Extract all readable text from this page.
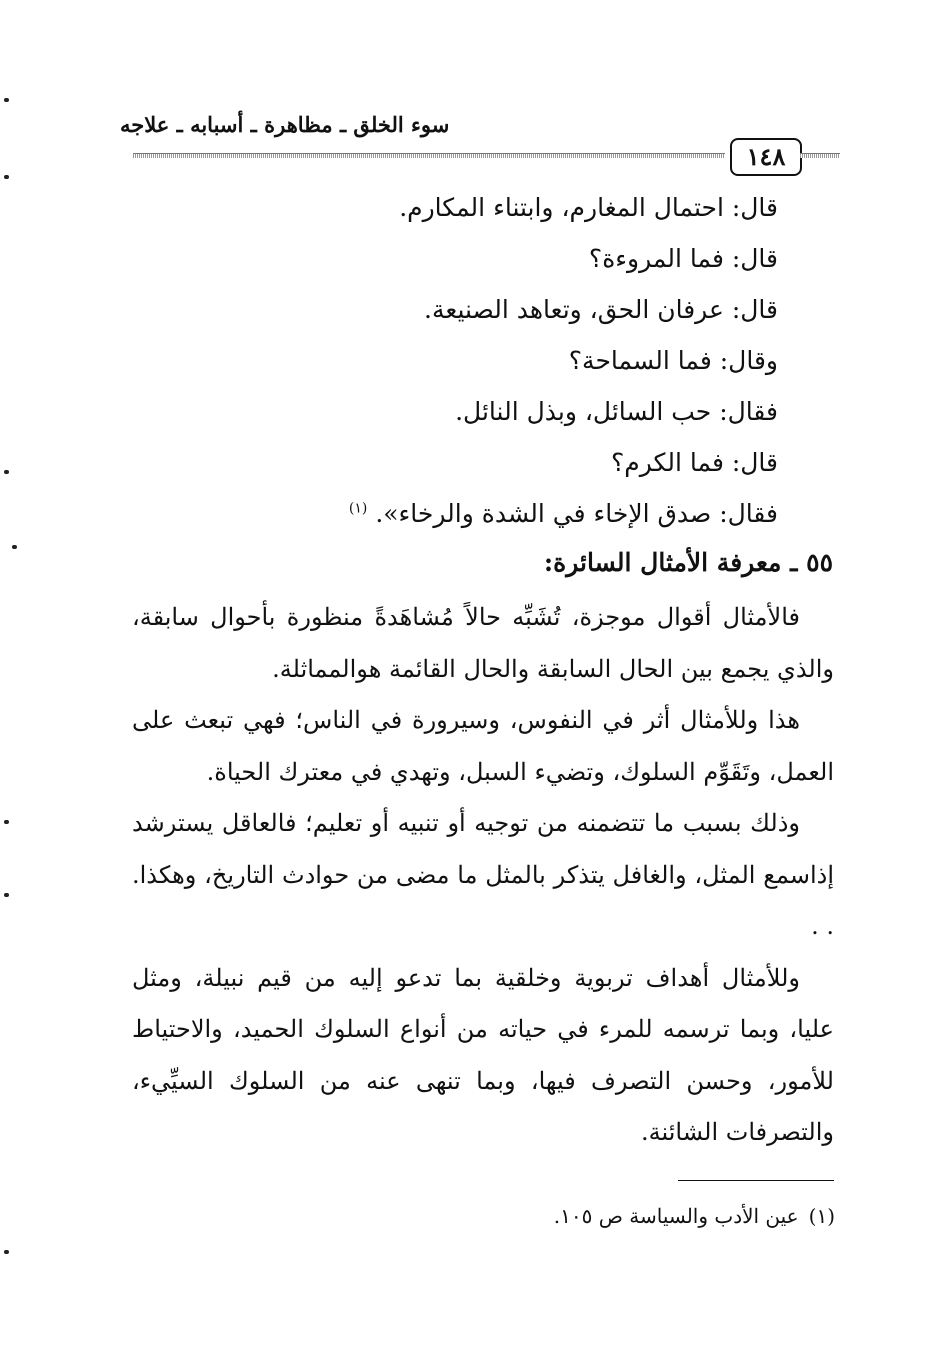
سوء الخلق ـ مظاهرة ـ أسبابه ـ علاجه
١٤٨
قال: احتمال المغارم، وابتناء المكارم.
قال: فما المروءة؟
قال: عرفان الحق، وتعاهد الصنيعة.
وقال: فما السماحة؟
فقال: حب السائل، وبذل النائل.
قال: فما الكرم؟
فقال: صدق الإخاء في الشدة والرخاء». $^{(١)}$
٥٥ ـ معرفة الأمثال السائرة:

فالأمثال أقوال موجزة، تُشَبِّه حالاً مُشاهَدةً منظورة بأحوال سابقة، والذي يجمع بين الحال السابقة والحال القائمة هوالمماثلة.

هذا وللأمثال أثر في النفوس، وسيرورة في الناس؛ فهي تبعث على العمل، وتَقَوِّم السلوك، وتضيء السبل، وتهدي في معترك الحياة.

وذلك بسبب ما تتضمنه من توجيه أو تنبيه أو تعليم؛ فالعاقل يسترشد إذاسمع المثل، والغافل يتذكر بالمثل ما مضى من حوادث التاريخ، وهكذا. . .

وللأمثال أهداف تربوية وخلقية بما تدعو إليه من قيم نبيلة، ومثل عليا، وبما ترسمه للمرء في حياته من أنواع السلوك الحميد، والاحتياط للأمور، وحسن التصرف فيها، وبما تنهى عنه من السلوك السيِّيء، والتصرفات الشائنة.

(١)عين الأدب والسياسة ص ١٠٥.
